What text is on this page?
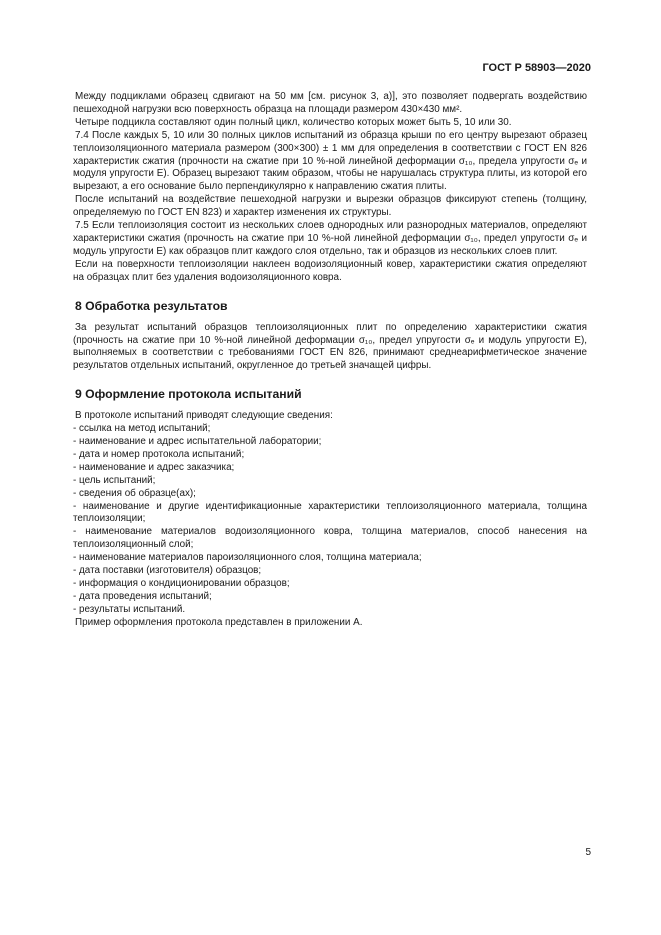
ГОСТ Р 58903—2020

Между подциклами образец сдвигают на 50 мм [см. рисунок 3, а)], это позволяет подвергать воздействию пешеходной нагрузки всю поверхность образца на площади размером 430×430 мм².

Четыре подцикла составляют один полный цикл, количество которых может быть 5, 10 или 30.

7.4 После каждых 5, 10 или 30 полных циклов испытаний из образца крыши по его центру вырезают образец теплоизоляционного материала размером (300×300) ± 1 мм для определения в соответствии с ГОСТ EN 826 характеристик сжатия (прочности на сжатие при 10 %-ной линейной деформации σ₁₀, предела упругости σₑ и модуля упругости E). Образец вырезают таким образом, чтобы не нарушалась структура плиты, из которой его вырезают, а его основание было перпендикулярно к направлению сжатия плиты.

После испытаний на воздействие пешеходной нагрузки и вырезки образцов фиксируют степень (толщину, определяемую по ГОСТ EN 823) и характер изменения их структуры.

7.5 Если теплоизоляция состоит из нескольких слоев однородных или разнородных материалов, определяют характеристики сжатия (прочность на сжатие при 10 %-ной линейной деформации σ₁₀, предел упругости σₑ и модуль упругости E) как образцов плит каждого слоя отдельно, так и образцов из нескольких слоев плит.

Если на поверхности теплоизоляции наклеен водоизоляционный ковер, характеристики сжатия определяют на образцах плит без удаления водоизоляционного ковра.

8 Обработка результатов

За результат испытаний образцов теплоизоляционных плит по определению характеристики сжатия (прочность на сжатие при 10 %-ной линейной деформации σ₁₀, предел упругости σₑ и модуль упругости E), выполняемых в соответствии с требованиями ГОСТ EN 826, принимают среднеарифметическое значение результатов отдельных испытаний, округленное до третьей значащей цифры.

9 Оформление протокола испытаний

В протоколе испытаний приводят следующие сведения:

- ссылка на метод испытаний;

- наименование и адрес испытательной лаборатории;

- дата и номер протокола испытаний;

- наименование и адрес заказчика;

- цель испытаний;

- сведения об образце(ах);

- наименование и другие идентификационные характеристики теплоизоляционного материала, толщина теплоизоляции;

- наименование материалов водоизоляционного ковра, толщина материалов, способ нанесения на теплоизоляционный слой;

- наименование материалов пароизоляционного слоя, толщина материала;

- дата поставки (изготовителя) образцов;

- информация о кондиционировании образцов;

- дата проведения испытаний;

- результаты испытаний.

Пример оформления протокола представлен в приложении А.

5
